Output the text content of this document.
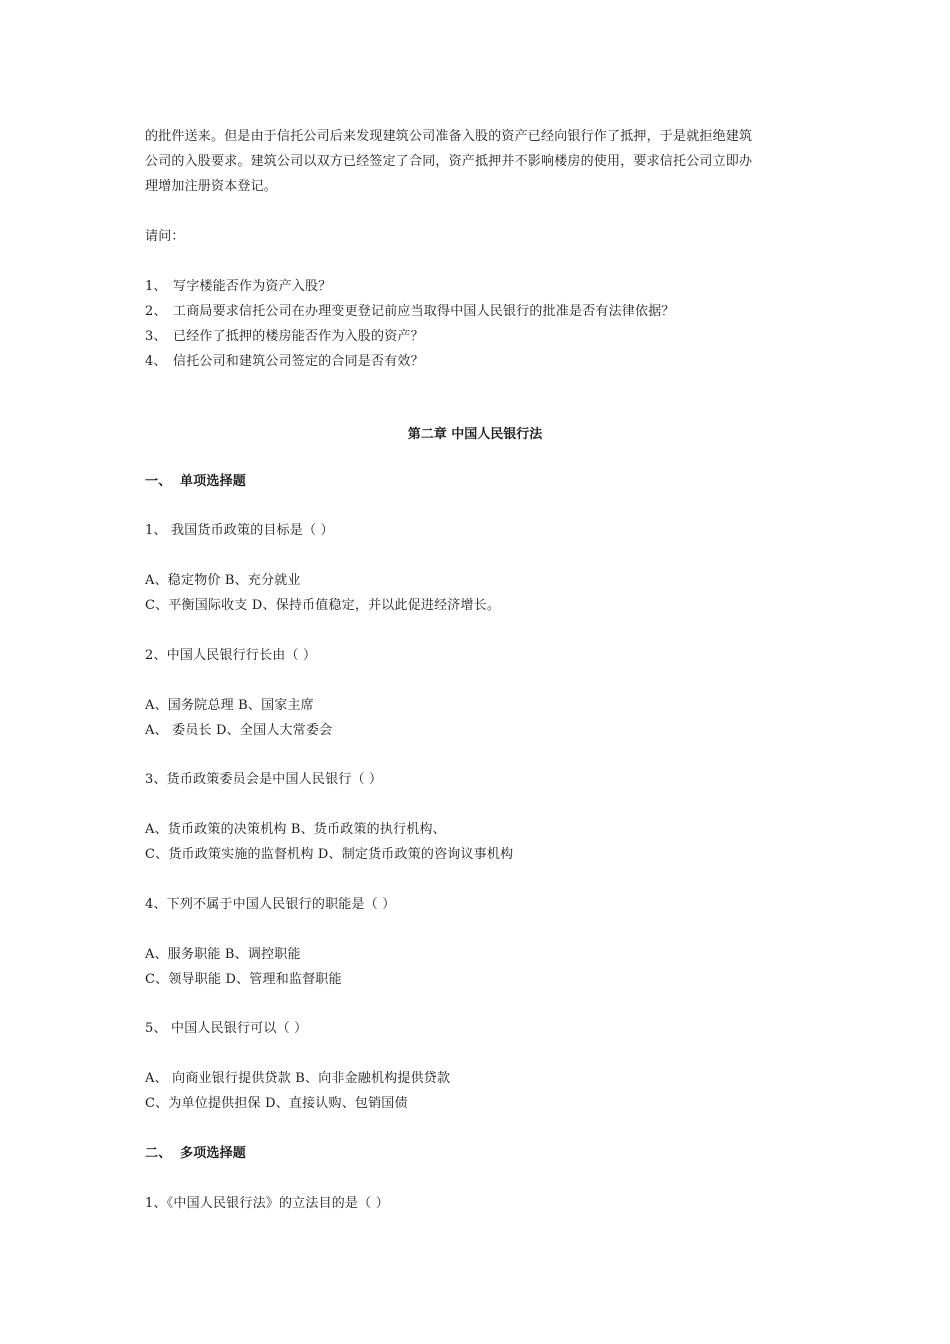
的批件送来。但是由于信托公司后来发现建筑公司准备入股的资产已经向银行作了抵押，于是就拒绝建筑
公司的入股要求。建筑公司以双方已经签定了合同，资产抵押并不影响楼房的使用，要求信托公司立即办
理增加注册资本登记。
请问：
1、 写字楼能否作为资产入股？
2、 工商局要求信托公司在办理变更登记前应当取得中国人民银行的批准是否有法律依据？
3、 已经作了抵押的楼房能否作为入股的资产？
4、 信托公司和建筑公司签定的合同是否有效？
第二章 中国人民银行法
一、 单项选择题
1、 我国货币政策的目标是（ ）
A、稳定物价 B、充分就业
C、平衡国际收支 D、保持币值稳定，并以此促进经济增长。
2、中国人民银行行长由（ ）
A、国务院总理 B、国家主席
A、 委员长 D、全国人大常委会
3、货币政策委员会是中国人民银行（ ）
A、货币政策的决策机构 B、货币政策的执行机构、
C、货币政策实施的监督机构 D、制定货币政策的咨询议事机构
4、下列不属于中国人民银行的职能是（ ）
A、服务职能 B、调控职能
C、领导职能 D、管理和监督职能
5、 中国人民银行可以（ ）
A、 向商业银行提供贷款 B、向非金融机构提供贷款
C、为单位提供担保 D、直接认购、包销国债
二、 多项选择题
1、《中国人民银行法》的立法目的是（ ）
